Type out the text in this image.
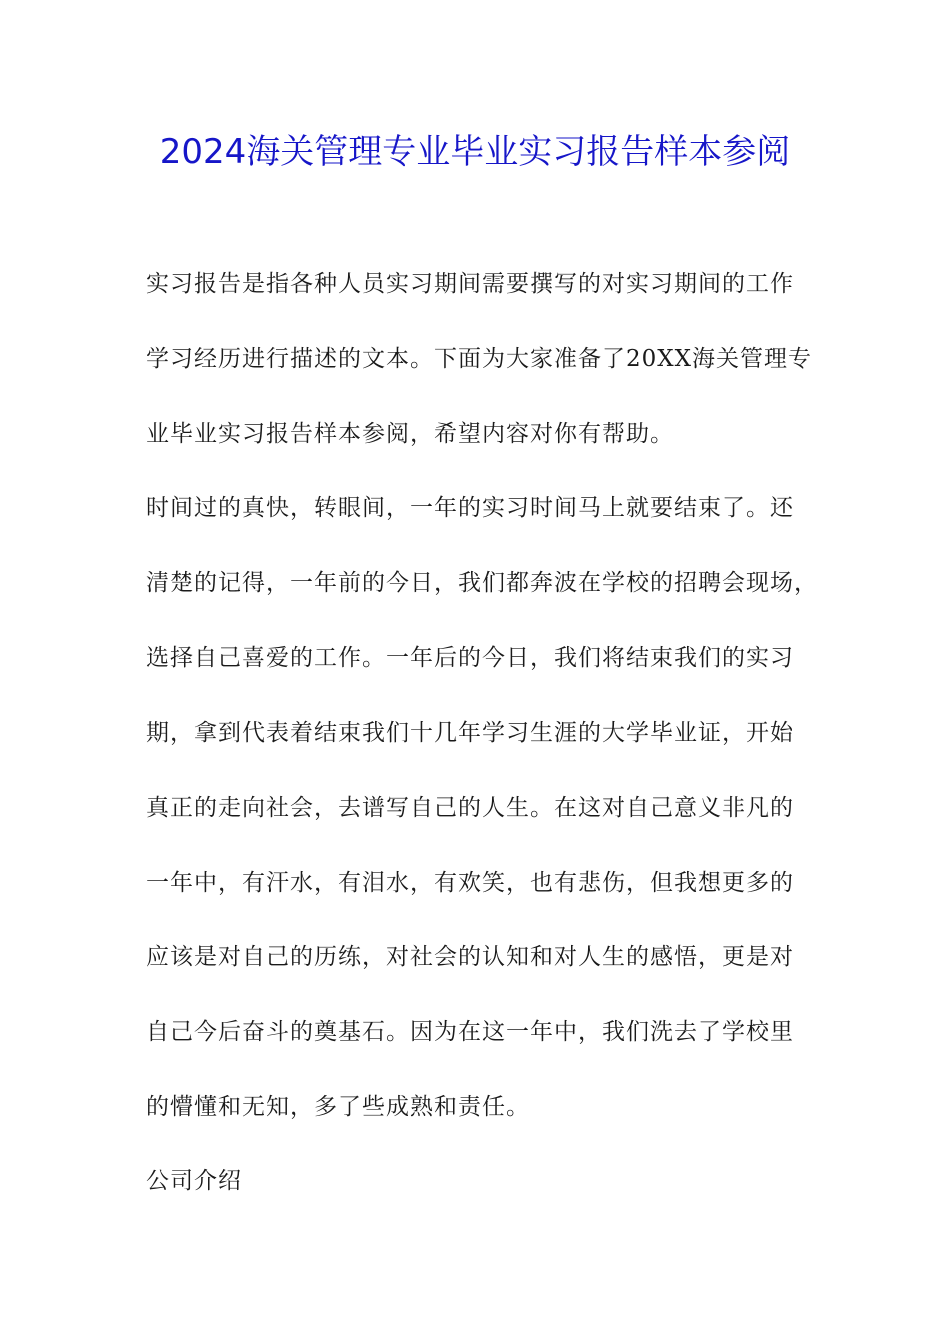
2024海关管理专业毕业实习报告样本参阅
实习报告是指各种人员实习期间需要撰写的对实习期间的工作
学习经历进行描述的文本。下面为大家准备了20XX海关管理专
业毕业实习报告样本参阅，希望内容对你有帮助。
时间过的真快，转眼间，一年的实习时间马上就要结束了。还
清楚的记得，一年前的今日，我们都奔波在学校的招聘会现场，
选择自己喜爱的工作。一年后的今日，我们将结束我们的实习
期，拿到代表着结束我们十几年学习生涯的大学毕业证，开始
真正的走向社会，去谱写自己的人生。在这对自己意义非凡的
一年中，有汗水，有泪水，有欢笑，也有悲伤，但我想更多的
应该是对自己的历练，对社会的认知和对人生的感悟，更是对
自己今后奋斗的奠基石。因为在这一年中，我们洗去了学校里
的懵懂和无知，多了些成熟和责任。
公司介绍
